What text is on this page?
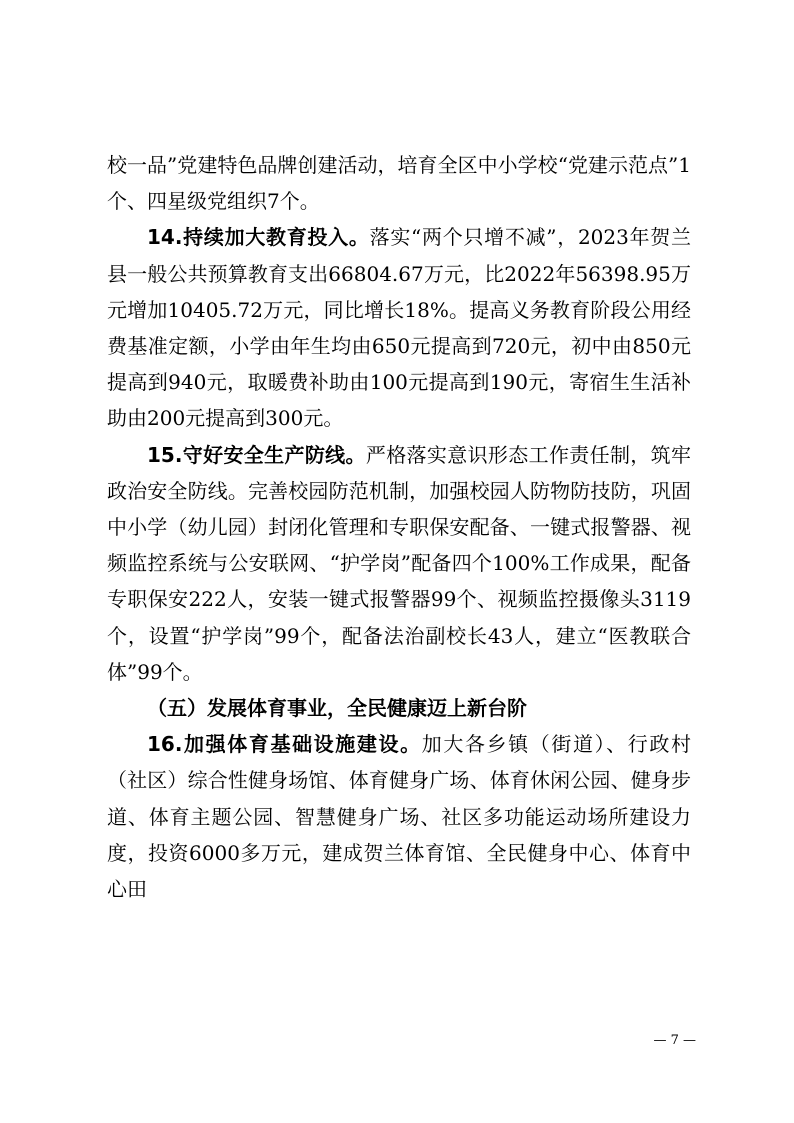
校一品”党建特色品牌创建活动，培育全区中小学校“党建示范点”1个、四星级党组织7个。

14.持续加大教育投入。落实“两个只增不减”，2023年贺兰县一般公共预算教育支出66804.67万元，比2022年56398.95万元增加10405.72万元，同比增长18%。提高义务教育阶段公用经费基准定额，小学由年生均由650元提高到720元，初中由850元提高到940元，取暖费补助由100元提高到190元，寄宿生生活补助由200元提高到300元。

15.守好安全生产防线。严格落实意识形态工作责任制，筑牢政治安全防线。完善校园防范机制，加强校园人防物防技防，巩固中小学（幼儿园）封闭化管理和专职保安配备、一键式报警器、视频监控系统与公安联网、“护学岗”配备四个100%工作成果，配备专职保安222人，安装一键式报警器99个、视频监控摄像头3119个，设置“护学岗”99个，配备法治副校长43人，建立“医教联合体”99个。

（五）发展体育事业，全民健康迈上新台阶

16.加强体育基础设施建设。加大各乡镇（街道）、行政村（社区）综合性健身场馆、体育健身广场、体育休闲公园、健身步道、体育主题公园、智慧健身广场、社区多功能运动场所建设力度，投资6000多万元，建成贺兰体育馆、全民健身中心、体育中心田

— 7 —
